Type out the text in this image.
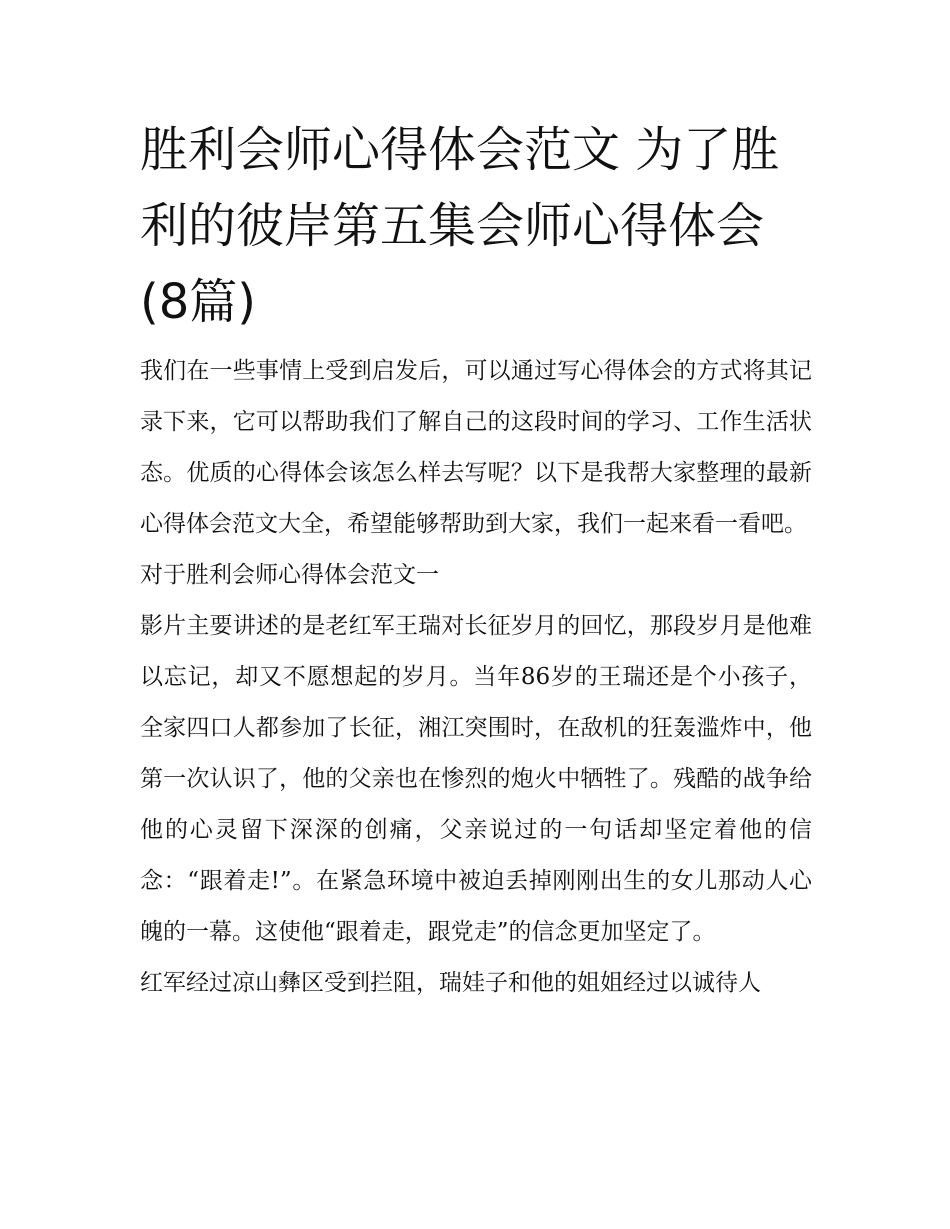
胜利会师心得体会范文 为了胜利的彼岸第五集会师心得体会(8篇)

我们在一些事情上受到启发后，可以通过写心得体会的方式将其记录下来，它可以帮助我们了解自己的这段时间的学习、工作生活状态。优质的心得体会该怎么样去写呢？以下是我帮大家整理的最新心得体会范文大全，希望能够帮助到大家，我们一起来看一看吧。

对于胜利会师心得体会范文一

影片主要讲述的是老红军王瑞对长征岁月的回忆，那段岁月是他难以忘记，却又不愿想起的岁月。当年86岁的王瑞还是个小孩子，全家四口人都参加了长征，湘江突围时，在敌机的狂轰滥炸中，他第一次认识了，他的父亲也在惨烈的炮火中牺牲了。残酷的战争给他的心灵留下深深的创痛，父亲说过的一句话却坚定着他的信念：“跟着走!”。在紧急环境中被迫丢掉刚刚出生的女儿那动人心魄的一幕。这使他“跟着走，跟党走”的信念更加坚定了。

红军经过凉山彝区受到拦阻，瑞娃子和他的姐姐经过以诚待人
